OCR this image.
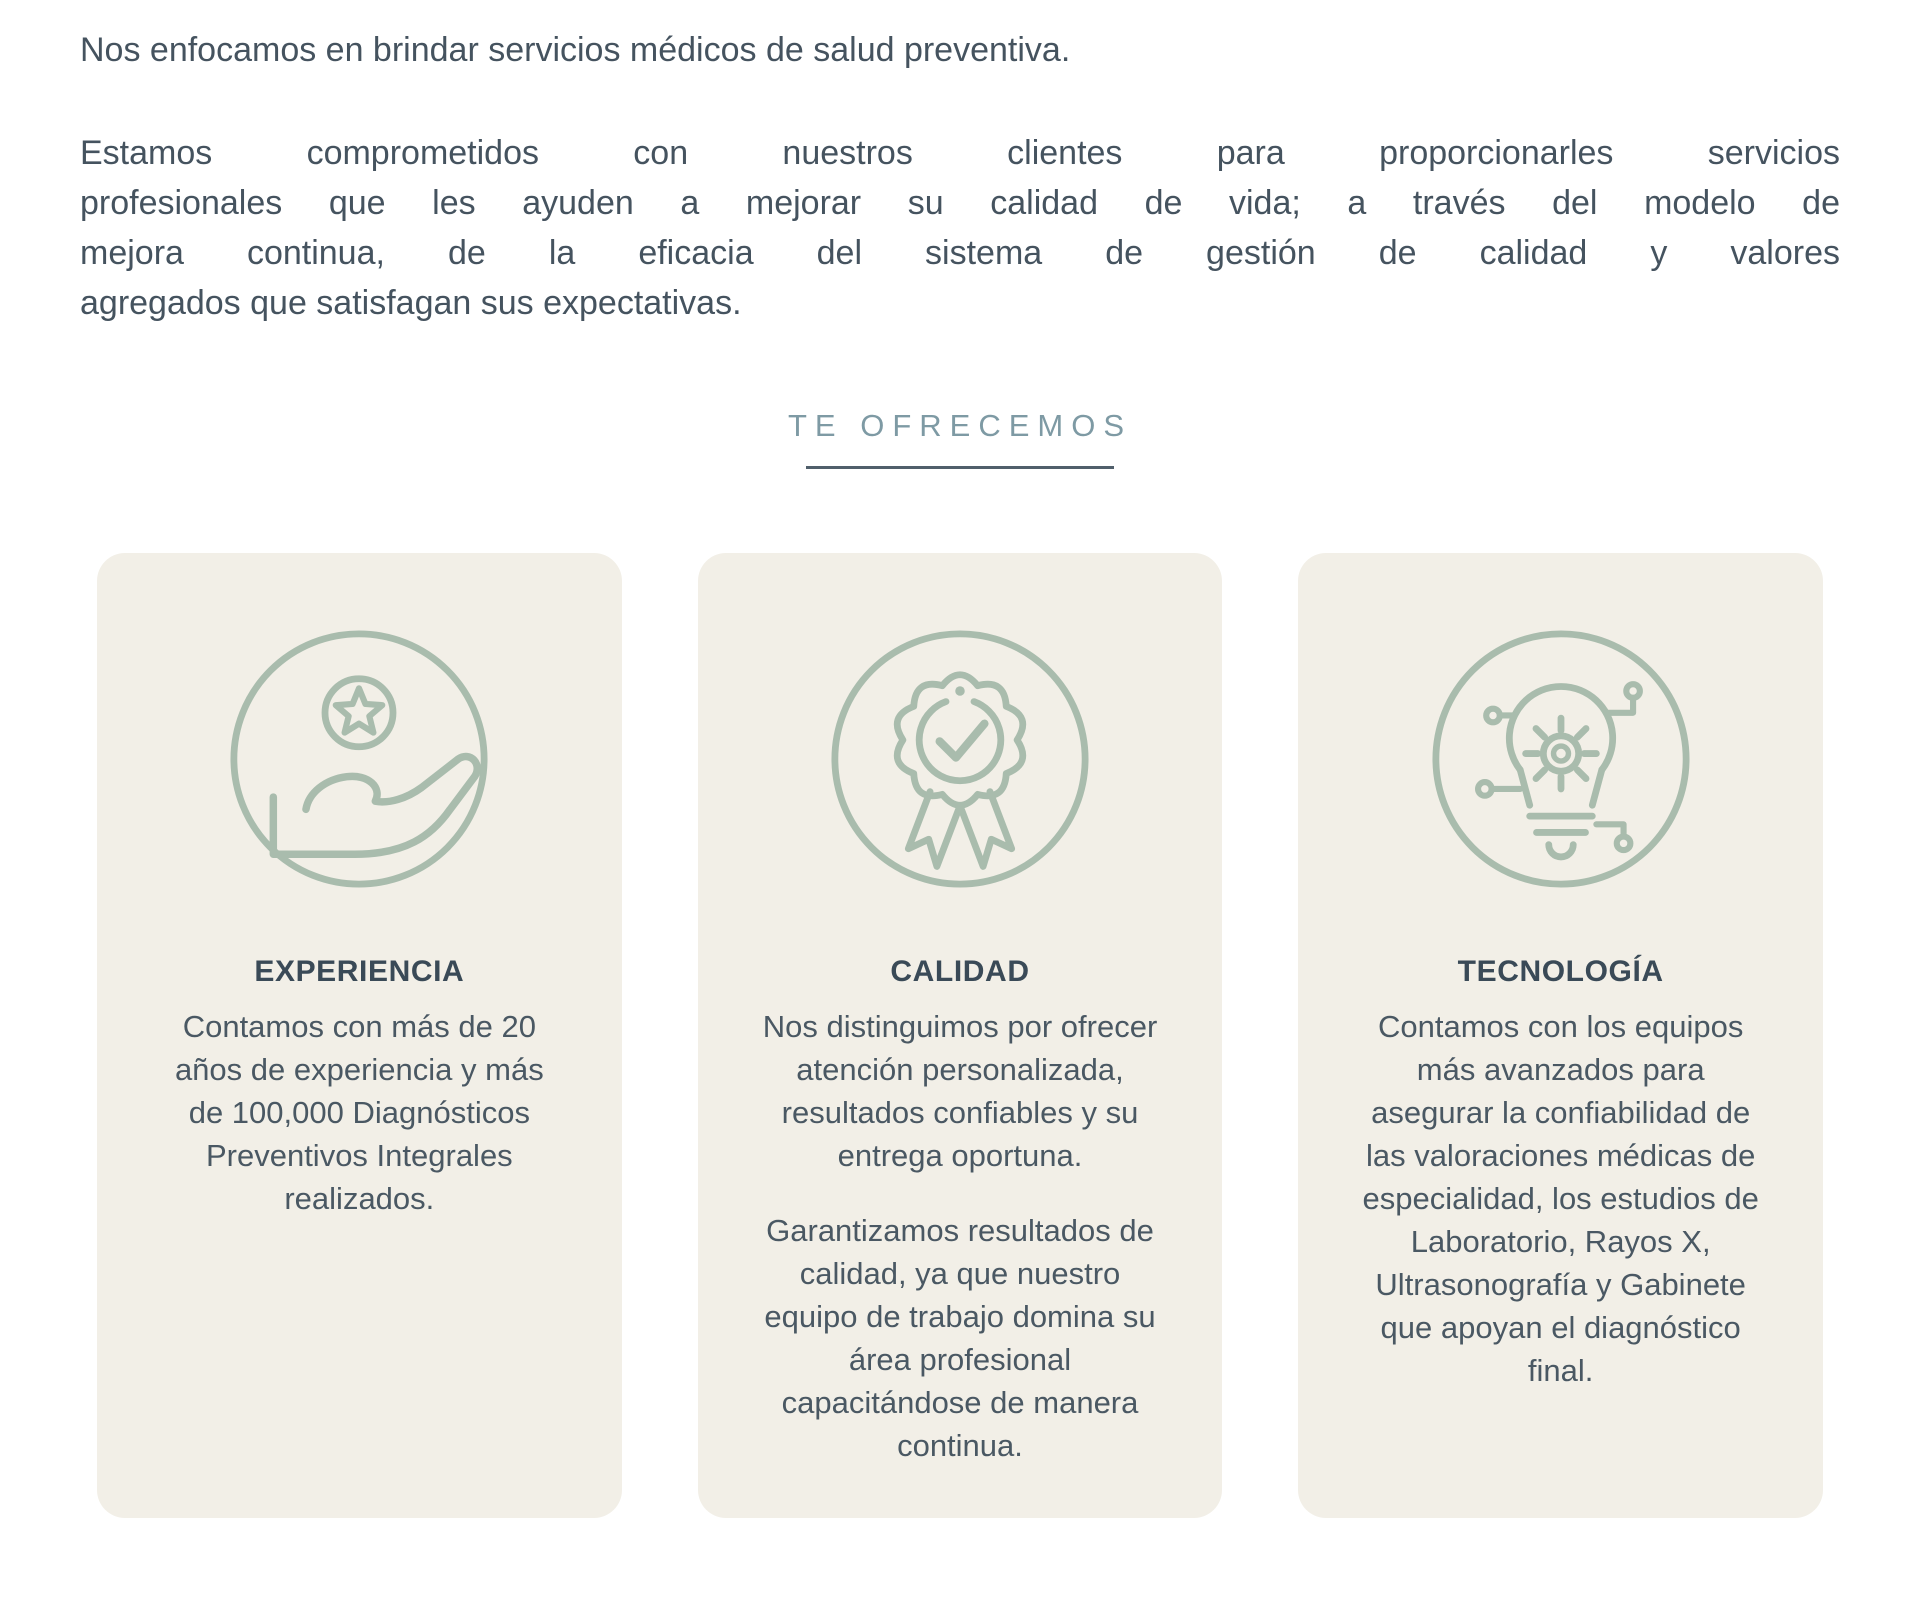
Nos enfocamos en brindar servicios médicos de salud preventiva.

Estamos comprometidos con nuestros clientes para proporcionarles servicios
profesionales que les ayuden a mejorar su calidad de vida; a través del modelo de
mejora continua, de la eficacia del sistema de gestión de calidad y valores
agregados que satisfagan sus expectativas.
TE OFRECEMOS
EXPERIENCIA

Contamos con más de 20 años de experiencia y más de 100,000 Diagnósticos Preventivos Integrales realizados.

CALIDAD

Nos distinguimos por ofrecer atención personalizada, resultados confiables y su entrega oportuna.

Garantizamos resultados de calidad, ya que nuestro equipo de trabajo domina su área profesional capacitándose de manera continua.

TECNOLOGÍA

Contamos con los equipos más avanzados para asegurar la confiabilidad de las valoraciones médicas de especialidad, los estudios de Laboratorio, Rayos X, Ultrasonografía y Gabinete que apoyan el diagnóstico final.
